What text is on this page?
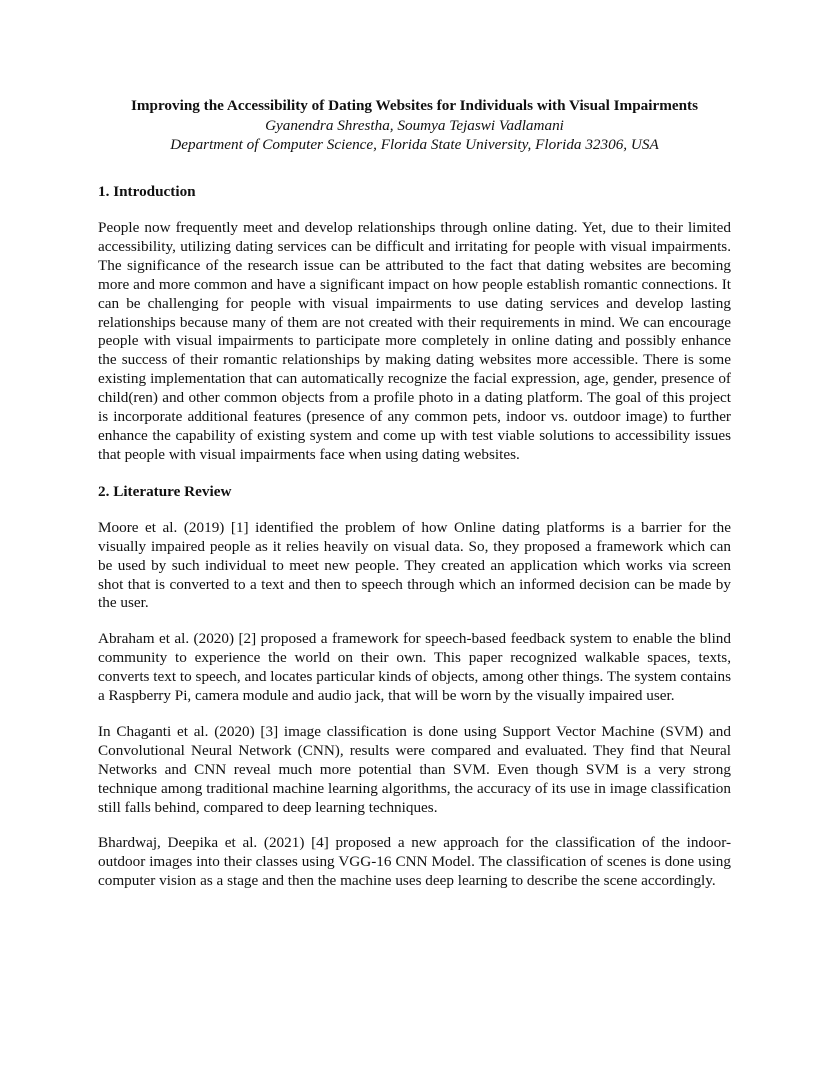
Improving the Accessibility of Dating Websites for Individuals with Visual Impairments

Gyanendra Shrestha, Soumya Tejaswi Vadlamani

Department of Computer Science, Florida State University, Florida 32306, USA

1. Introduction

People now frequently meet and develop relationships through online dating. Yet, due to their limited accessibility, utilizing dating services can be difficult and irritating for people with visual impairments. The significance of the research issue can be attributed to the fact that dating websites are becoming more and more common and have a significant impact on how people establish romantic connections. It can be challenging for people with visual impairments to use dating services and develop lasting relationships because many of them are not created with their requirements in mind. We can encourage people with visual impairments to participate more completely in online dating and possibly enhance the success of their romantic relationships by making dating websites more accessible. There is some existing implementation that can automatically recognize the facial expression, age, gender, presence of child(ren) and other common objects from a profile photo in a dating platform. The goal of this project is incorporate additional features (presence of any common pets, indoor vs. outdoor image) to further enhance the capability of existing system and come up with test viable solutions to accessibility issues that people with visual impairments face when using dating websites.

2. Literature Review

Moore et al. (2019) [1] identified the problem of how Online dating platforms is a barrier for the visually impaired people as it relies heavily on visual data. So, they proposed a framework which can be used by such individual to meet new people. They created an application which works via screen shot that is converted to a text and then to speech through which an informed decision can be made by the user.

Abraham et al. (2020) [2] proposed a framework for speech-based feedback system to enable the blind community to experience the world on their own. This paper recognized walkable spaces, texts, converts text to speech, and locates particular kinds of objects, among other things. The system contains a Raspberry Pi, camera module and audio jack, that will be worn by the visually impaired user.

In Chaganti et al. (2020) [3] image classification is done using Support Vector Machine (SVM) and Convolutional Neural Network (CNN), results were compared and evaluated. They find that Neural Networks and CNN reveal much more potential than SVM. Even though SVM is a very strong technique among traditional machine learning algorithms, the accuracy of its use in image classification still falls behind, compared to deep learning techniques.

Bhardwaj, Deepika et al. (2021) [4] proposed a new approach for the classification of the indoor-outdoor images into their classes using VGG-16 CNN Model. The classification of scenes is done using computer vision as a stage and then the machine uses deep learning to describe the scene accordingly.
